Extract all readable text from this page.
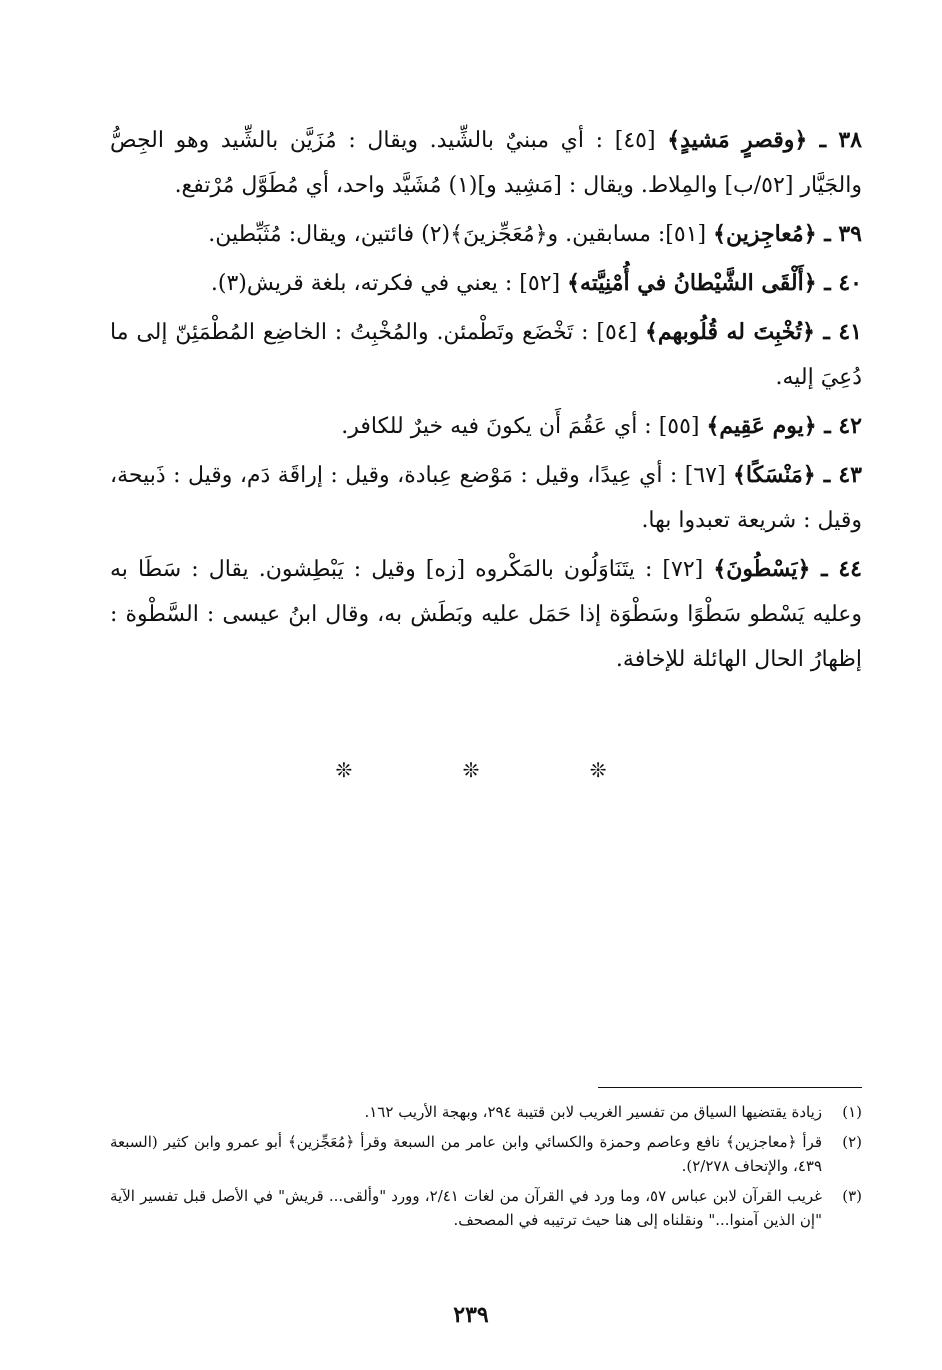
٣٨ ـ ﴿وقصرٍ مَشيدٍ﴾ [٤٥] : أي مبنيٌ بالشِّيد. ويقال : مُزَيَّن بالشِّيد وهو الجِصُّ والجَيَّار [٥٢/ب] والمِلاط. ويقال : [مَشِيد و](١) مُشَيَّد واحد، أي مُطَوَّل مُرْتفع.

٣٩ ـ ﴿مُعاجِزين﴾ [٥١]: مسابقين. و﴿مُعَجِّزينَ﴾(٢) فائتين، ويقال: مُثَبِّطين.

٤٠ ـ ﴿أَلْقَى الشَّيْطانُ في أُمْنِيَّته﴾ [٥٢] : يعني في فكرته، بلغة قريش(٣).

٤١ ـ ﴿تُخْبِتَ له قُلُوبهم﴾ [٥٤] : تَخْضَع وتَطْمئن. والمُخْبِتُ : الخاضِع المُطْمَئِنّ إلى ما دُعِيَ إليه.

٤٢ ـ ﴿يوم عَقِيم﴾ [٥٥] : أي عَقُمَ أَن يكونَ فيه خيرٌ للكافر.

٤٣ ـ ﴿مَنْسَكًا﴾ [٦٧] : أي عِيدًا، وقيل : مَوْضع عِبادة، وقيل : إراقَة دَم، وقيل : ذَبيحة، وقيل : شريعة تعبدوا بها.

٤٤ ـ ﴿يَسْطُونَ﴾ [٧٢] : يتَنَاوَلُون بالمَكْروه [زه] وقيل : يَبْطِشون. يقال : سَطَا به وعليه يَسْطو سَطْوًا وسَطْوَة إذا حَمَل عليه وبَطَش به، وقال ابنُ عيسى : السَّطْوة : إظهارُ الحال الهائلة للإخافة.

❊ ❊ ❊
(١)
زيادة يقتضيها السياق من تفسير الغريب لابن قتيبة ٢٩٤، وبهجة الأريب ١٦٢.
(٢)
قرأ ﴿معاجزين﴾ نافع وعاصم وحمزة والكسائي وابن عامر من السبعة وقرأ ﴿مُعَجِّزين﴾ أبو عمرو وابن كثير (السبعة ٤٣٩، والإتحاف ٢/٢٧٨).
(٣)
غريب القرآن لابن عباس ٥٧، وما ورد في القرآن من لغات ٢/٤١، وورد "وألقى... قريش" في الأصل قبل تفسير الآية "إن الذين آمنوا..." ونقلناه إلى هنا حيث ترتيبه في المصحف.
٢٣٩
